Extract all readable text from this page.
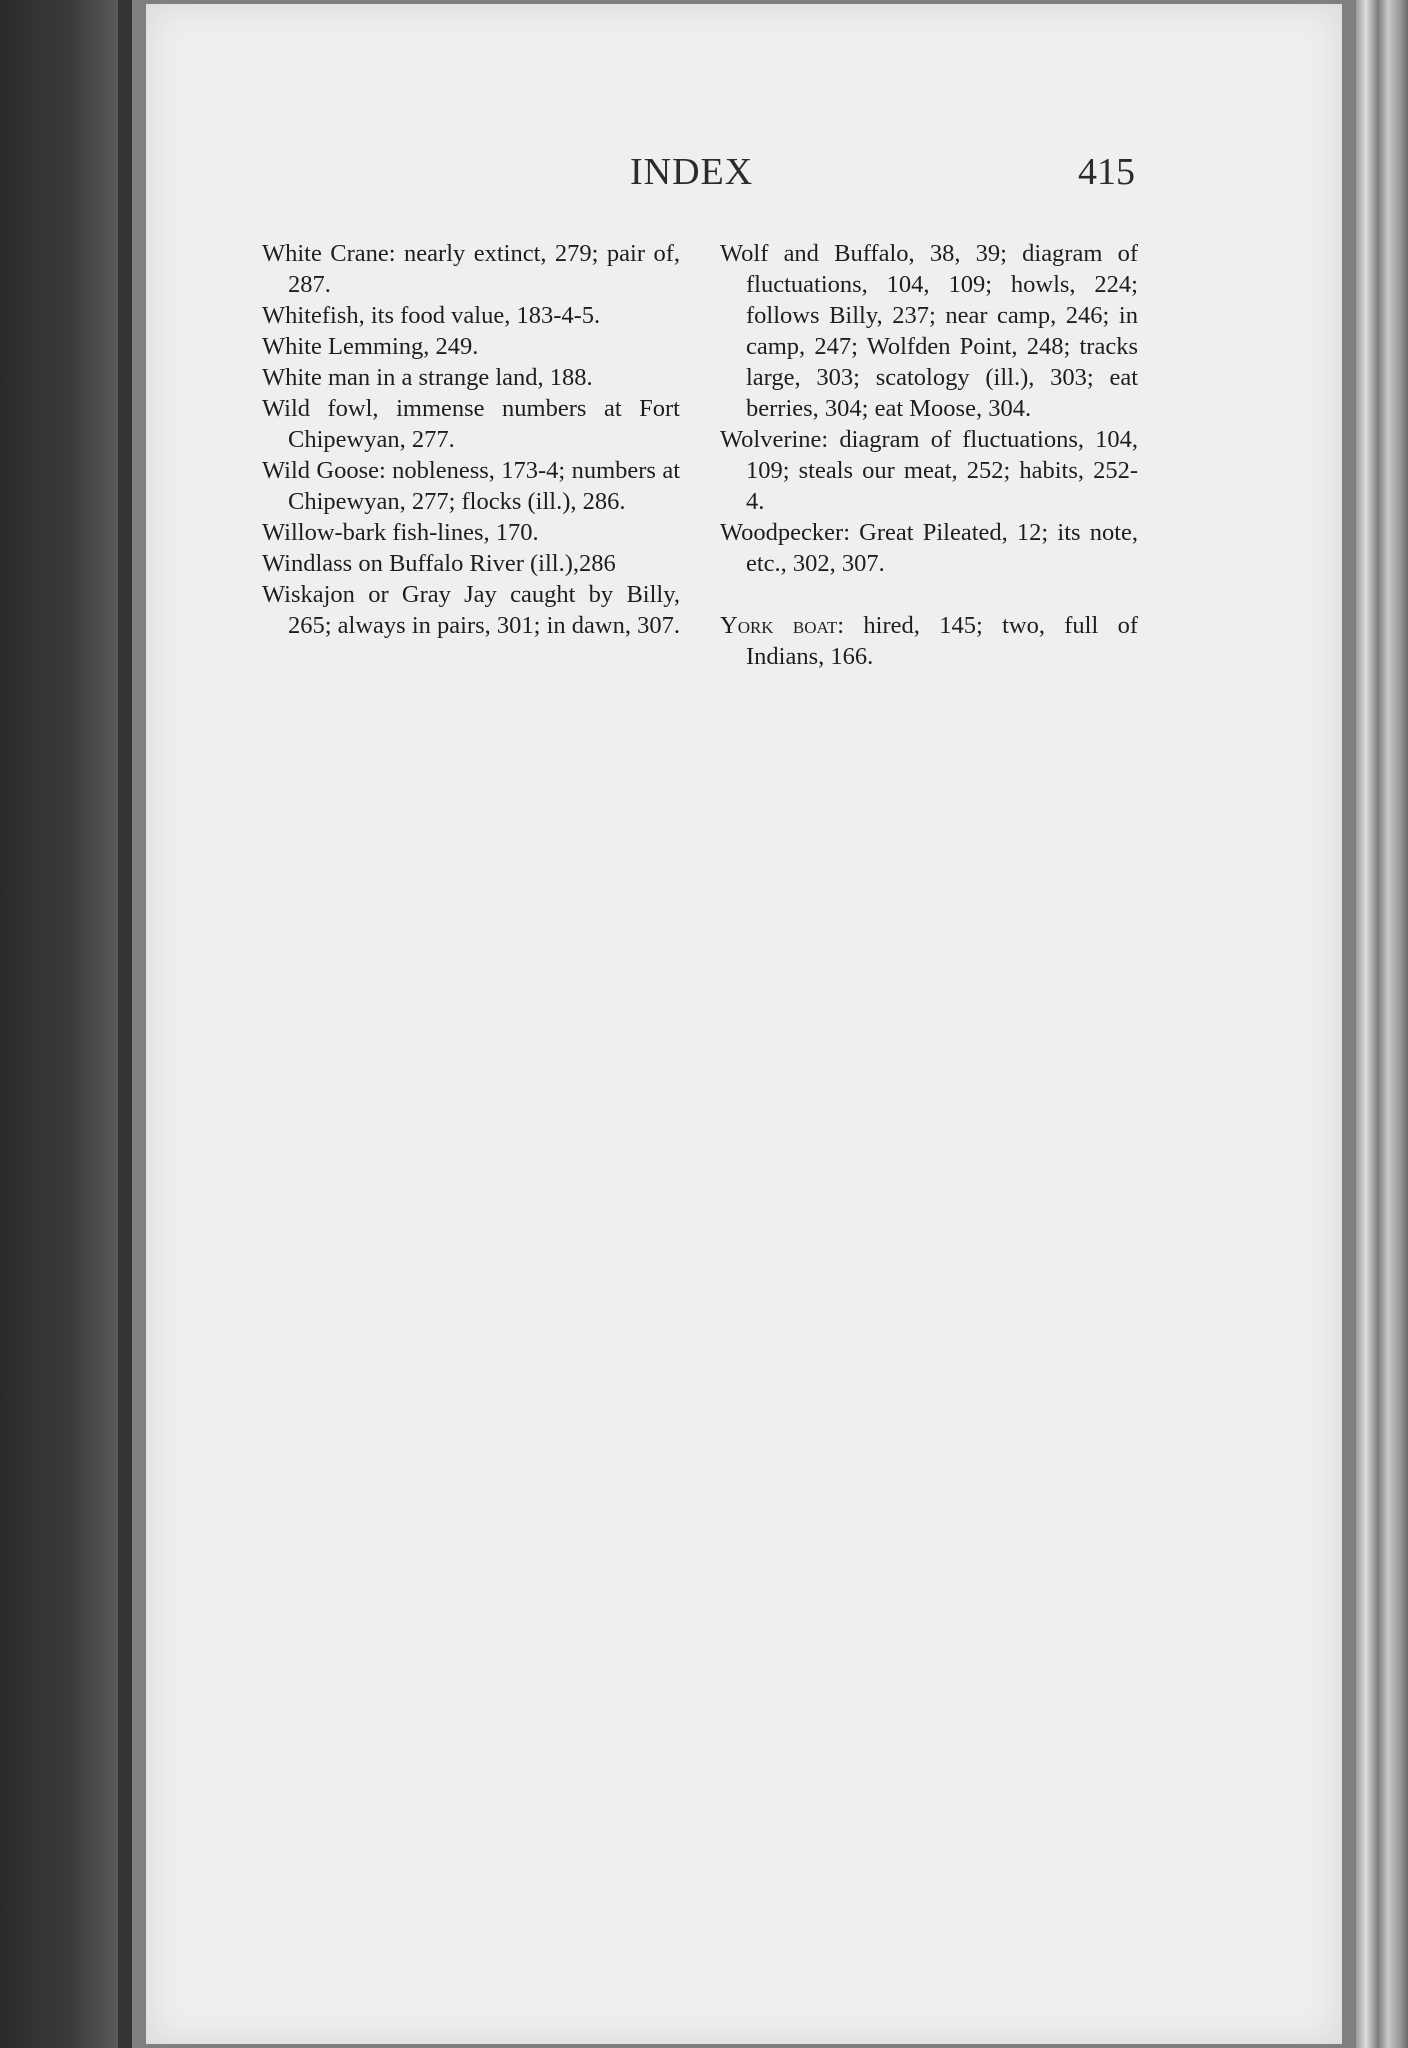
INDEX	415

White Crane: nearly extinct, 279; pair of, 287.

Whitefish, its food value, 183-4-5.

White Lemming, 249.

White man in a strange land, 188.

Wild fowl, immense numbers at Fort Chipewyan, 277.

Wild Goose: nobleness, 173-4; numbers at Chipewyan, 277; flocks (ill.), 286.

Willow-bark fish-lines, 170.

Windlass on Buffalo River (ill.),286

Wiskajon or Gray Jay caught by Billy, 265; always in pairs, 301; in dawn, 307.

Wolf and Buffalo, 38, 39; diagram of fluctuations, 104, 109; howls, 224; follows Billy, 237; near camp, 246; in camp, 247; Wolfden Point, 248; tracks large, 303; scatology (ill.), 303; eat berries, 304; eat Moose, 304.

Wolverine: diagram of fluctuations, 104, 109; steals our meat, 252; habits, 252-4.

Woodpecker: Great Pileated, 12; its note, etc., 302, 307.

York boat: hired, 145; two, full of Indians, 166.
